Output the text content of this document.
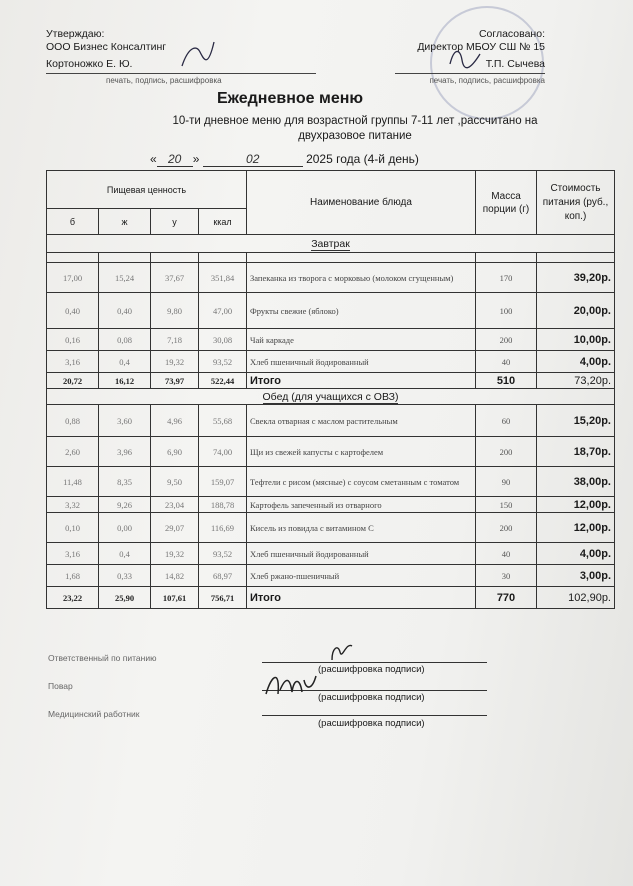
Утверждаю:
ООО Бизнес Консалтинг
Кортоножко Е. Ю.
печать, подпись, расшифровка
Согласовано:
Директор МБОУ СШ № 15
Т.П. Сычева
печать, подпись, расшифровка
Ежедневное меню
10-ти дневное меню для возрастной группы 7-11 лет ,рассчитано на
двухразовое питание
« 20 »	02	2025 года (4-й день)
Пищевая ценность				Наименование блюда	Масса порции (г)	Стоимость питания (руб., коп.)
б	ж	у	ккал			
Завтрак						

17,00	15,24	37,67	351,84	Запеканка из творога с морковью (молоком сгущенным)	170	39,20р.
0,40	0,40	9,80	47,00	Фрукты свежие (яблоко)	100	20,00р.
0,16	0,08	7,18	30,08	Чай каркаде	200	10,00р.
3,16	0,4	19,32	93,52	Хлеб пшеничный йодированный	40	4,00р.
20,72	16,12	73,97	522,44	Итого	510	73,20р.
Обед (для учащихся с ОВЗ)						
0,88	3,60	4,96	55,68	Свекла отварная с маслом растительным	60	15,20р.
2,60	3,96	6,90	74,00	Щи из свежей капусты с картофелем	200	18,70р.
11,48	8,35	9,50	159,07	Тефтели с рисом (мясные) с соусом сметанным с томатом	90	38,00р.
3,32	9,26	23,04	188,78	Картофель запеченный из отварного	150	12,00р.
0,10	0,00	29,07	116,69	Кисель из повидла с витамином С	200	12,00р.
3,16	0,4	19,32	93,52	Хлеб пшеничный йодированный	40	4,00р.
1,68	0,33	14,82	68,97	Хлеб ржано-пшеничный	30	3,00р.
23,22	25,90	107,61	756,71	Итого	770	102,90р.
Ответственный по питанию
(расшифровка подписи)
Повар
(расшифровка подписи)
Медицинский работник
(расшифровка подписи)
